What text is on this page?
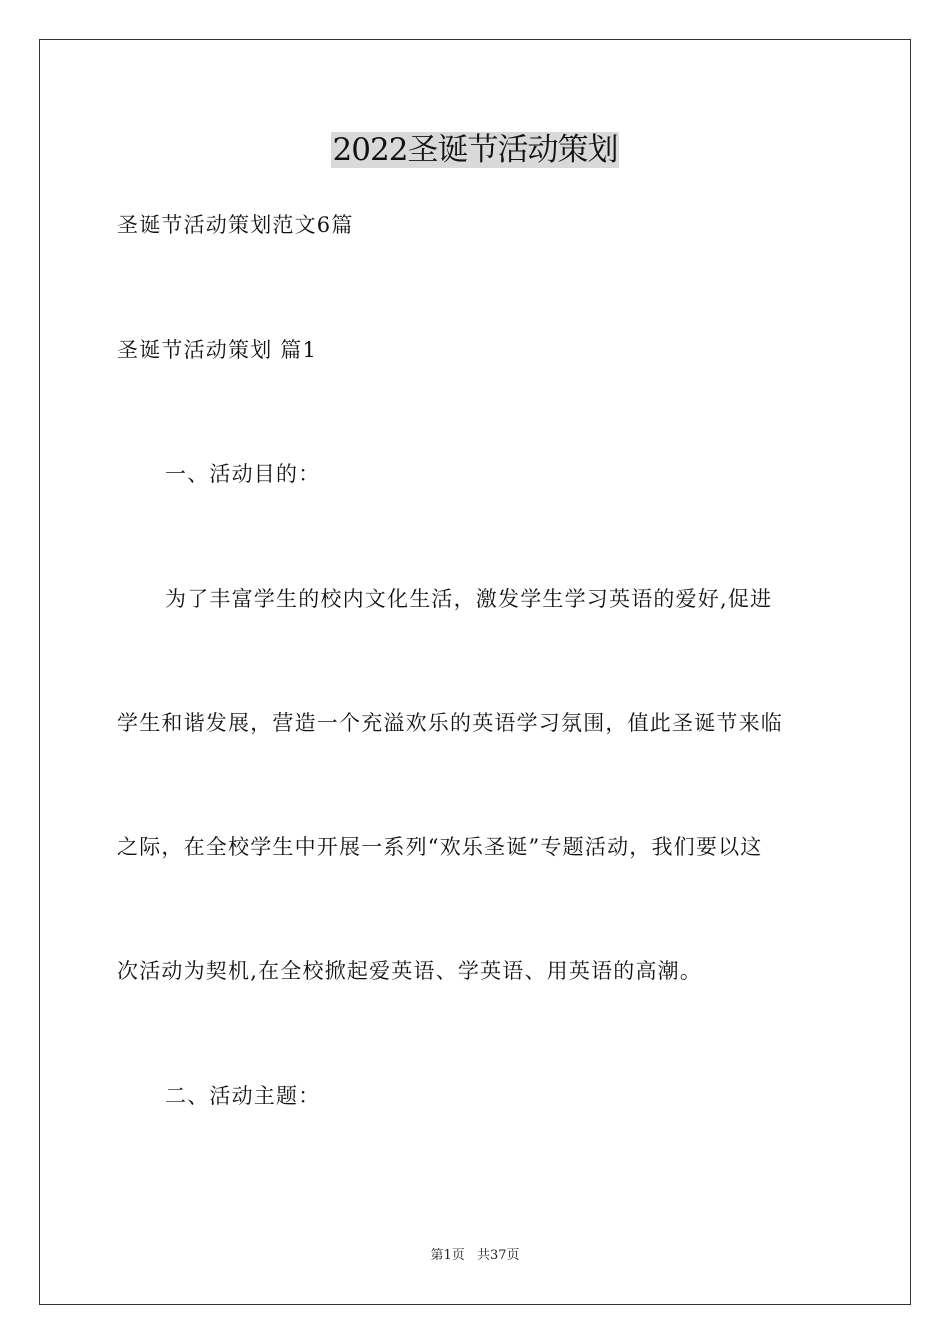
2022圣诞节活动策划
圣诞节活动策划范文6篇
圣诞节活动策划 篇1
一、活动目的：
为了丰富学生的校内文化生活，激发学生学习英语的爱好,促进
学生和谐发展，营造一个充溢欢乐的英语学习氛围，值此圣诞节来临
之际，在全校学生中开展一系列“欢乐圣诞”专题活动，我们要以这
次活动为契机,在全校掀起爱英语、学英语、用英语的高潮。
二、活动主题：
第1页 共37页
